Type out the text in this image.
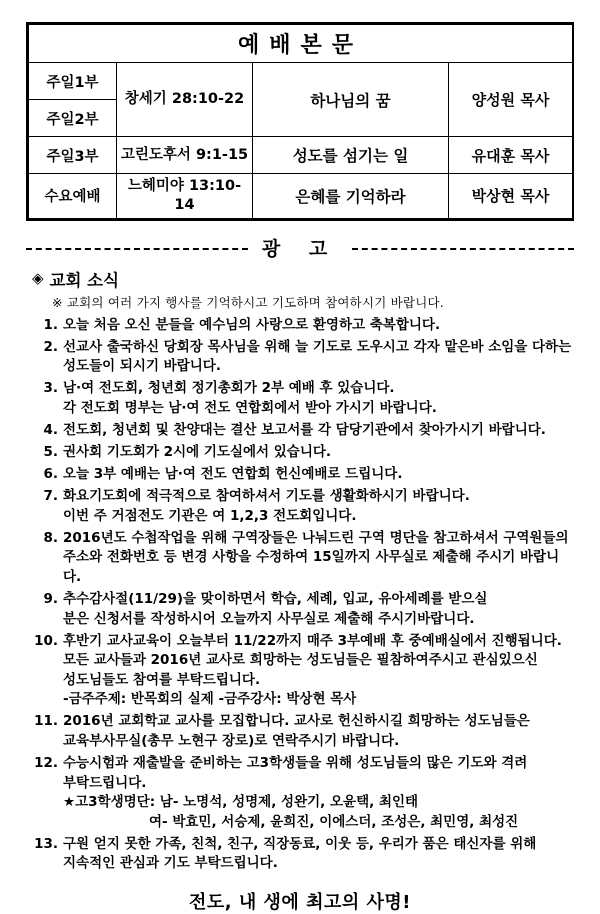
예배본문			
주일1부	창세기 28:10-22	하나님의 꿈	양성원 목사
주일2부			
주일3부	고린도후서 9:1-15	성도를 섬기는 일	유대훈 목사
수요예배	느헤미야 13:10-14	은혜를 기억하라	박상현 목사
광 고
◈ 교회 소식
※ 교회의 여러 가지 행사를 기억하시고 기도하며 참여하시기 바랍니다.
1. 오늘 처음 오신 분들을 예수님의 사랑으로 환영하고 축복합니다.
2. 선교사 출국하신 당회장 목사님을 위해 늘 기도로 도우시고 각자 맡은바 소임을 다하는
성도들이 되시기 바랍니다.
3. 남·여 전도회, 청년회 정기총회가 2부 예배 후 있습니다.
각 전도회 명부는 남·여 전도 연합회에서 받아 가시기 바랍니다.
4. 전도회, 청년회 및 찬양대는 결산 보고서를 각 담당기관에서 찾아가시기 바랍니다.
5. 권사회 기도회가 2시에 기도실에서 있습니다.
6. 오늘 3부 예배는 남·여 전도 연합회 헌신예배로 드립니다.
7. 화요기도회에 적극적으로 참여하셔서 기도를 생활화하시기 바랍니다.
이번 주 거점전도 기관은 여 1,2,3 전도회입니다.
8. 2016년도 수첩작업을 위해 구역장들은 나눠드린 구역 명단을 참고하셔서 구역원들의
주소와 전화번호 등 변경 사항을 수정하여 15일까지 사무실로 제출해 주시기 바랍니다.
9. 추수감사절(11/29)을 맞이하면서 학습, 세례, 입교, 유아세례를 받으실
분은 신청서를 작성하시어 오늘까지 사무실로 제출해 주시기바랍니다.
10. 후반기 교사교육이 오늘부터 11/22까지 매주 3부예배 후 중예배실에서 진행됩니다.
모든 교사들과 2016년 교사로 희망하는 성도님들은 필참하여주시고 관심있으신
성도님들도 참여를 부탁드립니다.
-금주주제: 반목회의 실제 -금주강사: 박상현 목사
11. 2016년 교회학교 교사를 모집합니다. 교사로 헌신하시길 희망하는 성도님들은
교육부사무실(총무 노현구 장로)로 연락주시기 바랍니다.
12. 수능시험과 재출발을 준비하는 고3학생들을 위해 성도님들의 많은 기도와 격려
부탁드립니다.
★고3학생명단: 남- 노명석, 성명제, 성완기, 오윤택, 최인태
여- 박효민, 서승제, 윤희진, 이에스더, 조성은, 최민영, 최성진
13. 구원 얻지 못한 가족, 친척, 친구, 직장동료, 이웃 등, 우리가 품은 태신자를 위해
지속적인 관심과 기도 부탁드립니다.
전도, 내 생에 최고의 사명!
